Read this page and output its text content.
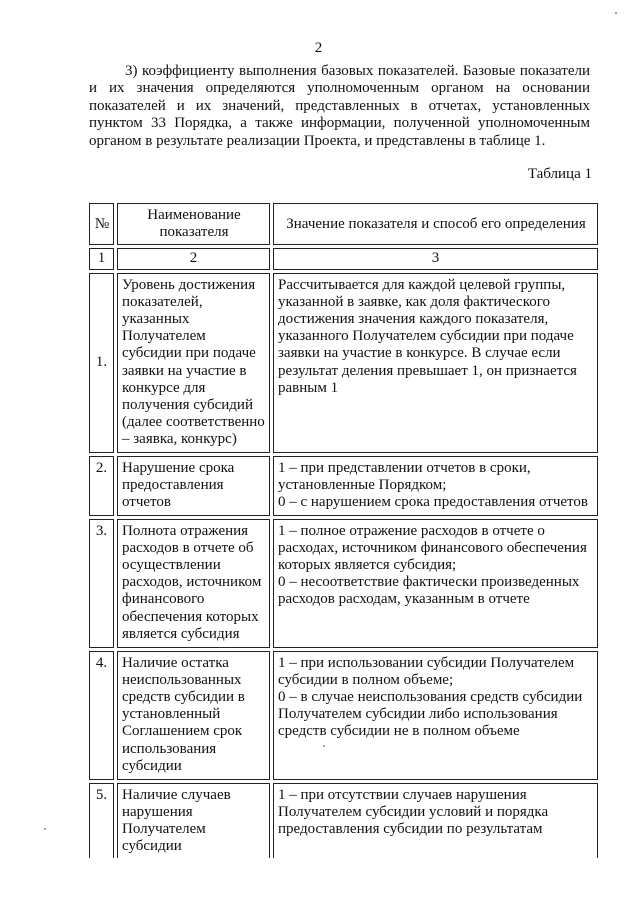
2

3) коэффициенту выполнения базовых показателей. Базовые показатели и их значения определяются уполномоченным органом на основании показателей и их значений, представленных в отчетах, установленных пунктом 33 Порядка, а также информации, полученной уполномоченным органом в результате реализации Проекта, и представлены в таблице 1.

Таблица 1
№	Наименование показателя	Значение показателя и способ его определения
1	2	3
1.	Уровень достижения показателей, указанных Получателем субсидии при подаче заявки на участие в конкурсе для получения субсидий (далее соответственно – заявка, конкурс)	Рассчитывается для каждой целевой группы, указанной в заявке, как доля фактического достижения значения каждого показателя, указанного Получателем субсидии при подаче заявки на участие в конкурсе. В случае если результат деления превышает 1, он признается равным 1
2.	Нарушение срока предоставления отчетов	1 – при представлении отчетов в сроки, установленные Порядком;
0 – с нарушением срока предоставления отчетов
3.	Полнота отражения расходов в отчете об осуществлении расходов, источником финансового обеспечения которых является субсидия	1 – полное отражение расходов в отчете о расходах, источником финансового обеспечения которых является субсидия;
0 – несоответствие фактически произведенных расходов расходам, указанным в отчете
4.	Наличие остатка неиспользованных средств субсидии в установленный Соглашением срок использования субсидии	1 – при использовании субсидии Получателем субсидии в полном объеме;
0 – в случае неиспользования средств субсидии Получателем субсидии либо использования средств субсидии не в полном объеме
5.	Наличие случаев нарушения Получателем субсидии	1 – при отсутствии случаев нарушения Получателем субсидии условий и порядка предоставления субсидии по результатам
